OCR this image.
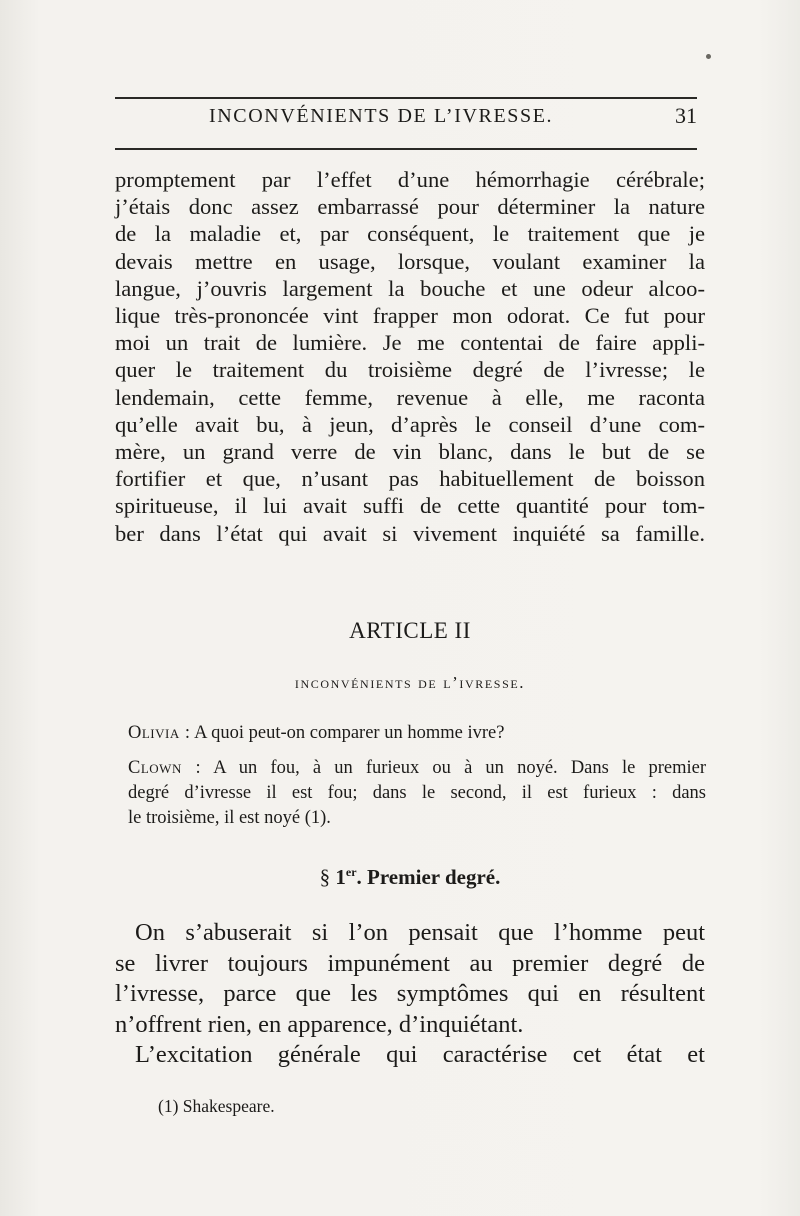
INCONVÉNIENTS DE L’IVRESSE.	31
promptement par l’effet d’une hémorrhagie cérébrale;
j’étais donc assez embarrassé pour déterminer la nature
de la maladie et, par conséquent, le traitement que je
devais mettre en usage, lorsque, voulant examiner la
langue, j’ouvris largement la bouche et une odeur alcoo-
lique très-prononcée vint frapper mon odorat. Ce fut pour
moi un trait de lumière. Je me contentai de faire appli-
quer le traitement du troisième degré de l’ivresse; le
lendemain, cette femme, revenue à elle, me raconta
qu’elle avait bu, à jeun, d’après le conseil d’une com-
mère, un grand verre de vin blanc, dans le but de se
fortifier et que, n’usant pas habituellement de boisson
spiritueuse, il lui avait suffi de cette quantité pour tom-
ber dans l’état qui avait si vivement inquiété sa famille.
ARTICLE II
inconvénients de l’ivresse.
Olivia : A quoi peut-on comparer un homme ivre?
Clown : A un fou, à un furieux ou à un noyé. Dans le premier
degré d’ivresse il est fou; dans le second, il est furieux : dans
le troisième, il est noyé (1).
§ 1er. Premier degré.
On s’abuserait si l’on pensait que l’homme peut
se livrer toujours impunément au premier degré de
l’ivresse, parce que les symptômes qui en résultent
n’offrent rien, en apparence, d’inquiétant.
L’excitation générale qui caractérise cet état et
(1) Shakespeare.
